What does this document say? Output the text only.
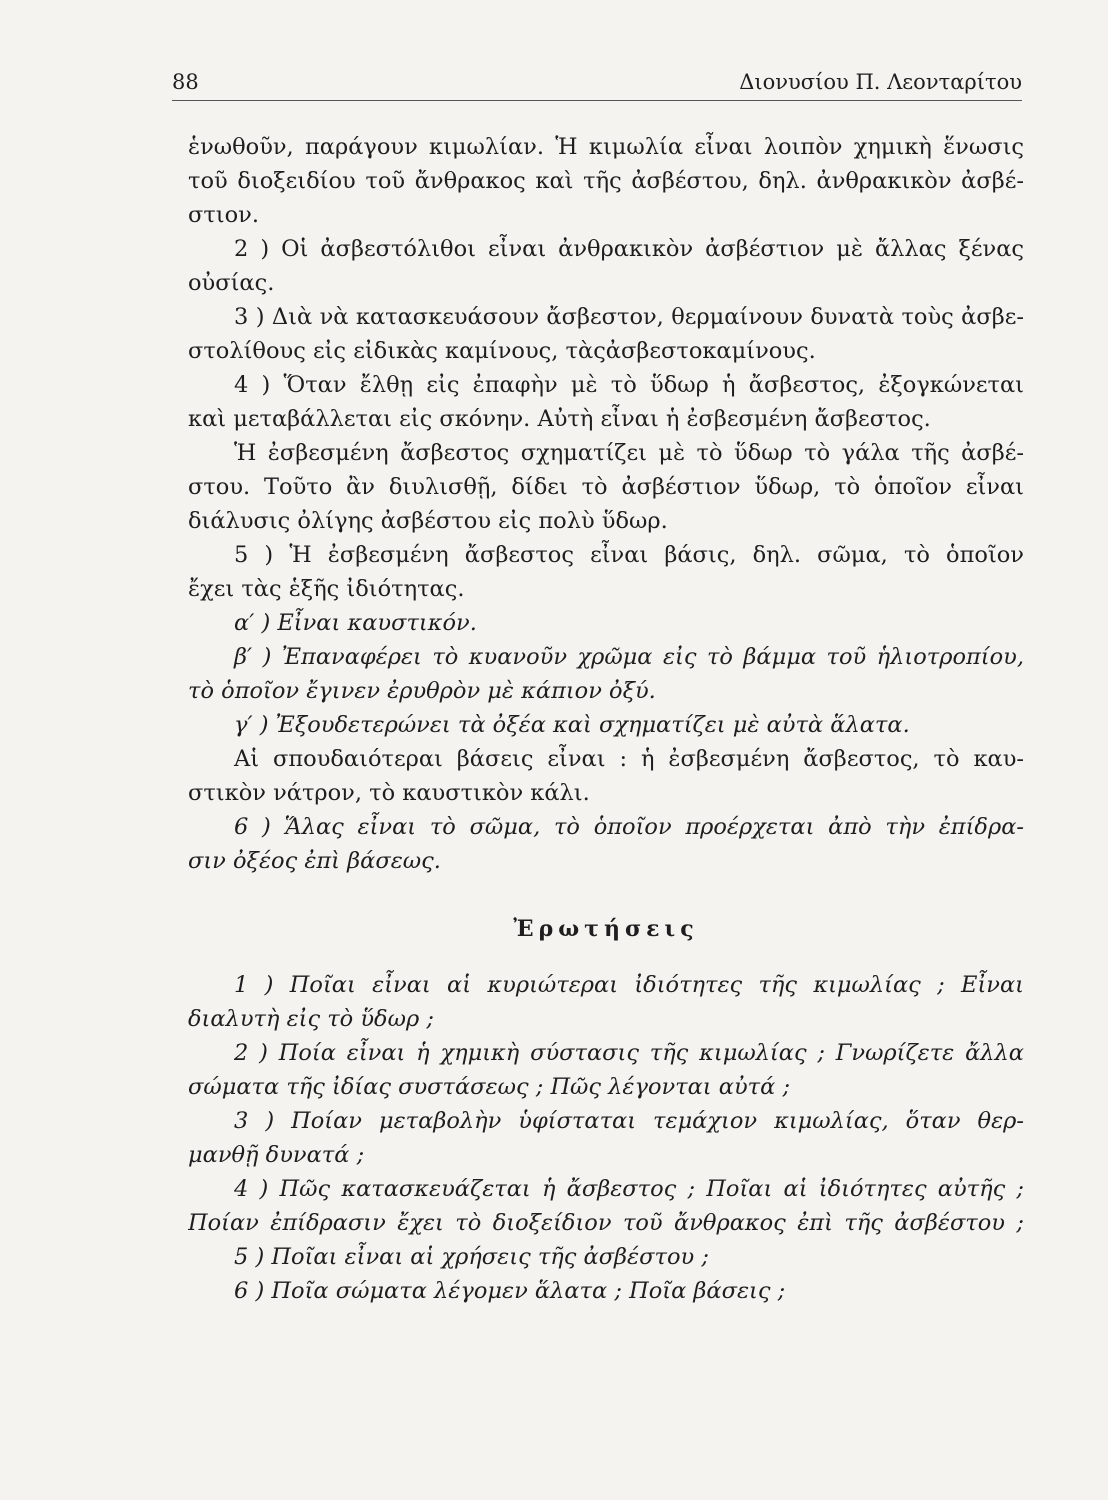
88	Διονυσίου Π. Λεονταρίτου
ἑνωθοῦν, παράγουν κιμωλίαν. Ἡ κιμωλία εἶναι λοιπὸν χημικὴ ἕνωσις
τοῦ διοξειδίου τοῦ ἄνθρακος καὶ τῆς ἀσβέστου, δηλ. ἀνθρακικὸν ἀσβέ-
στιον.
2 ) Οἱ ἀσβεστόλιθοι εἶναι ἀνθρακικὸν ἀσβέστιον μὲ ἄλλας ξένας
οὐσίας.
3 ) Διὰ νὰ κατασκευάσουν ἄσβεστον, θερμαίνουν δυνατὰ τοὺς ἀσβε-
στολίθους εἰς εἰδικὰς καμίνους, τὰςἀσβεστοκαμίνους.
4 ) Ὅταν ἔλθῃ εἰς ἐπαφὴν μὲ τὸ ὕδωρ ἡ ἄσβεστος, ἐξογκώνεται
καὶ μεταβάλλεται εἰς σκόνην. Αὐτὴ εἶναι ἡ ἐσβεσμένη ἄσβεστος.
Ἡ ἐσβεσμένη ἄσβεστος σχηματίζει μὲ τὸ ὕδωρ τὸ γάλα τῆς ἀσβέ-
στου. Τοῦτο ἂν διυλισθῇ, δίδει τὸ ἀσβέστιον ὕδωρ, τὸ ὁποῖον εἶναι
διάλυσις ὀλίγης ἀσβέστου εἰς πολὺ ὕδωρ.
5 ) Ἡ ἐσβεσμένη ἄσβεστος εἶναι βάσις, δηλ. σῶμα, τὸ ὁποῖον
ἔχει τὰς ἑξῆς ἰδιότητας.
α′ ) Εἶναι καυστικόν.
β′ ) Ἐπαναφέρει τὸ κυανοῦν χρῶμα εἰς τὸ βάμμα τοῦ ἡλιοτροπίου,
τὸ ὁποῖον ἔγινεν ἐρυθρὸν μὲ κάπιον ὀξύ.
γ′ ) Ἐξουδετερώνει τὰ ὀξέα καὶ σχηματίζει μὲ αὐτὰ ἅλατα.
Αἱ σπουδαιότεραι βάσεις εἶναι : ἡ ἐσβεσμένη ἄσβεστος, τὸ καυ-
στικὸν νάτρον, τὸ καυστικὸν κάλι.
6 ) Ἅλας εἶναι τὸ σῶμα, τὸ ὁποῖον προέρχεται ἀπὸ τὴν ἐπίδρα-
σιν ὀξέος ἐπὶ βάσεως.
Ἐρωτήσεις
1 ) Ποῖαι εἶναι αἱ κυριώτεραι ἰδιότητες τῆς κιμωλίας ; Εἶναι
διαλυτὴ εἰς τὸ ὕδωρ ;
2 ) Ποία εἶναι ἡ χημικὴ σύστασις τῆς κιμωλίας ; Γνωρίζετε ἄλλα
σώματα τῆς ἰδίας συστάσεως ; Πῶς λέγονται αὐτά ;
3 ) Ποίαν μεταβολὴν ὑφίσταται τεμάχιον κιμωλίας, ὅταν θερ-
μανθῇ δυνατά ;
4 ) Πῶς κατασκευάζεται ἡ ἄσβεστος ; Ποῖαι αἱ ἰδιότητες αὐτῆς ;
Ποίαν ἐπίδρασιν ἔχει τὸ διοξείδιον τοῦ ἄνθρακος ἐπὶ τῆς ἀσβέστου ;
5 ) Ποῖαι εἶναι αἱ χρήσεις τῆς ἀσβέστου ;
6 ) Ποῖα σώματα λέγομεν ἅλατα ; Ποῖα βάσεις ;
